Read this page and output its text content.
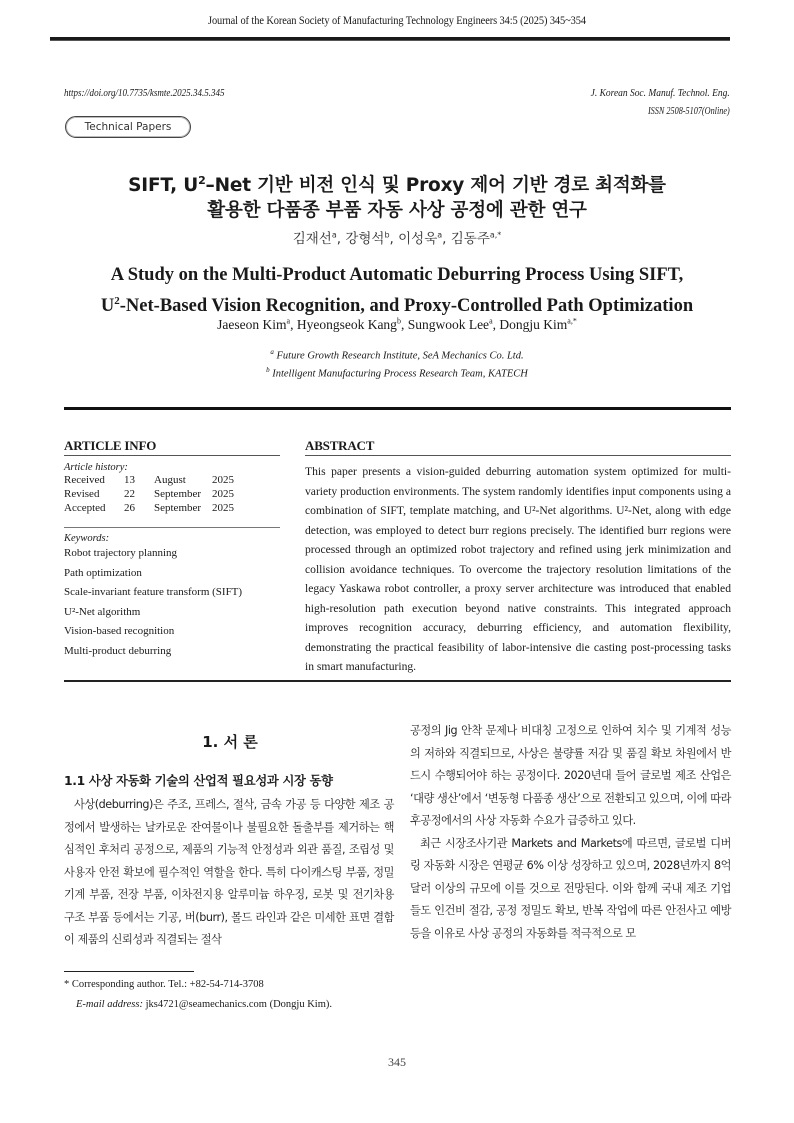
Journal of the Korean Society of Manufacturing Technology Engineers 34:5 (2025) 345~354
https://doi.org/10.7735/ksmte.2025.34.5.345	J. Korean Soc. Manuf. Technol. Eng.
ISSN 2508-5107(Online)
Technical Papers
SIFT, $U^2$–Net 기반 비전 인식 및 Proxy 제어 기반 경로 최적화를
활용한 다품종 부품 자동 사상 공정에 관한 연구
김재선$^a$, 강형석$^b$, 이성욱$^a$, 김동주$^{a,*}$
A Study on the Multi-Product Automatic Deburring Process Using SIFT,
$U^2-Net$-Based Vision Recognition, and Proxy-Controlled Path Optimization
Jaeseon Kim$^a$, Hyeongseok Kang$^b$, Sungwook Lee$^a$, Dongju Kim$^{a,*}$
$^a$ Future Growth Research Institute, SeA Mechanics Co. Ltd.
$^b$ Intelligent Manufacturing Process Research Team, KATECH
ARTICLE INFO
Article history:
Received	13	August	2025
Revised	22	September 2025
Accepted	26	September 2025
Keywords:
Robot trajectory planning
Path optimization
Scale-invariant feature transform (SIFT)
U²-Net algorithm
Vision-based recognition
Multi-product deburring
ABSTRACT
This paper presents a vision-guided deburring automation system optimized for multi-variety production environments. The system randomly identifies input components using a combination of SIFT, template matching, and U²-Net algorithms. U²-Net, along with edge detection, was employed to detect burr regions precisely. The identified burr regions were processed through an optimized robot trajectory and refined using jerk minimization and collision avoidance techniques. To overcome the trajectory resolution limitations of the legacy Yaskawa robot controller, a proxy server architecture was introduced that enabled high-resolution path execution beyond native constraints. This integrated approach improves recognition accuracy, deburring efficiency, and automation flexibility, demonstrating the practical feasibility of labor-intensive die casting post-processing tasks in smart manufacturing.
1. 서 론
1.1 사상 자동화 기술의 산업적 필요성과 시장 동향

사상(deburring)은 주조, 프레스, 절삭, 금속 가공 등 다양한 제조 공정에서 발생하는 날카로운 잔여물이나 불필요한 돌출부를 제거하는 핵심적인 후처리 공정으로, 제품의 기능적 안정성과 외관 품질, 조립성 및 사용자 안전 확보에 필수적인 역할을 한다. 특히 다이캐스팅 부품, 정밀 기계 부품, 전장 부품, 이차전지용 알루미늄 하우징, 로봇 및 전기차용 구조 부품 등에서는 기공, 버(burr), 몰드 라인과 같은 미세한 표면 결함이 제품의 신뢰성과 직결되는 절삭

공정의 Jig 안착 문제나 비대칭 고정으로 인하여 치수 및 기계적 성능의 저하와 직결되므로, 사상은 불량률 저감 및 품질 확보 차원에서 반드시 수행되어야 하는 공정이다. 2020년대 들어 글로벌 제조 산업은 ‘대량 생산’에서 ‘변동형 다품종 생산’으로 전환되고 있으며, 이에 따라 후공정에서의 사상 자동화 수요가 급증하고 있다.

최근 시장조사기관 Markets and Markets에 따르면, 글로벌 디버링 자동화 시장은 연평균 6% 이상 성장하고 있으며, 2028년까지 8억 달러 이상의 규모에 이를 것으로 전망된다. 이와 함께 국내 제조 기업들도 인건비 절감, 공정 정밀도 확보, 반복 작업에 따른 안전사고 예방 등을 이유로 사상 공정의 자동화를 적극적으로 모

* Corresponding author. Tel.: +82-54-714-3708
E-mail address: jks4721@seamechanics.com (Dongju Kim).
345
